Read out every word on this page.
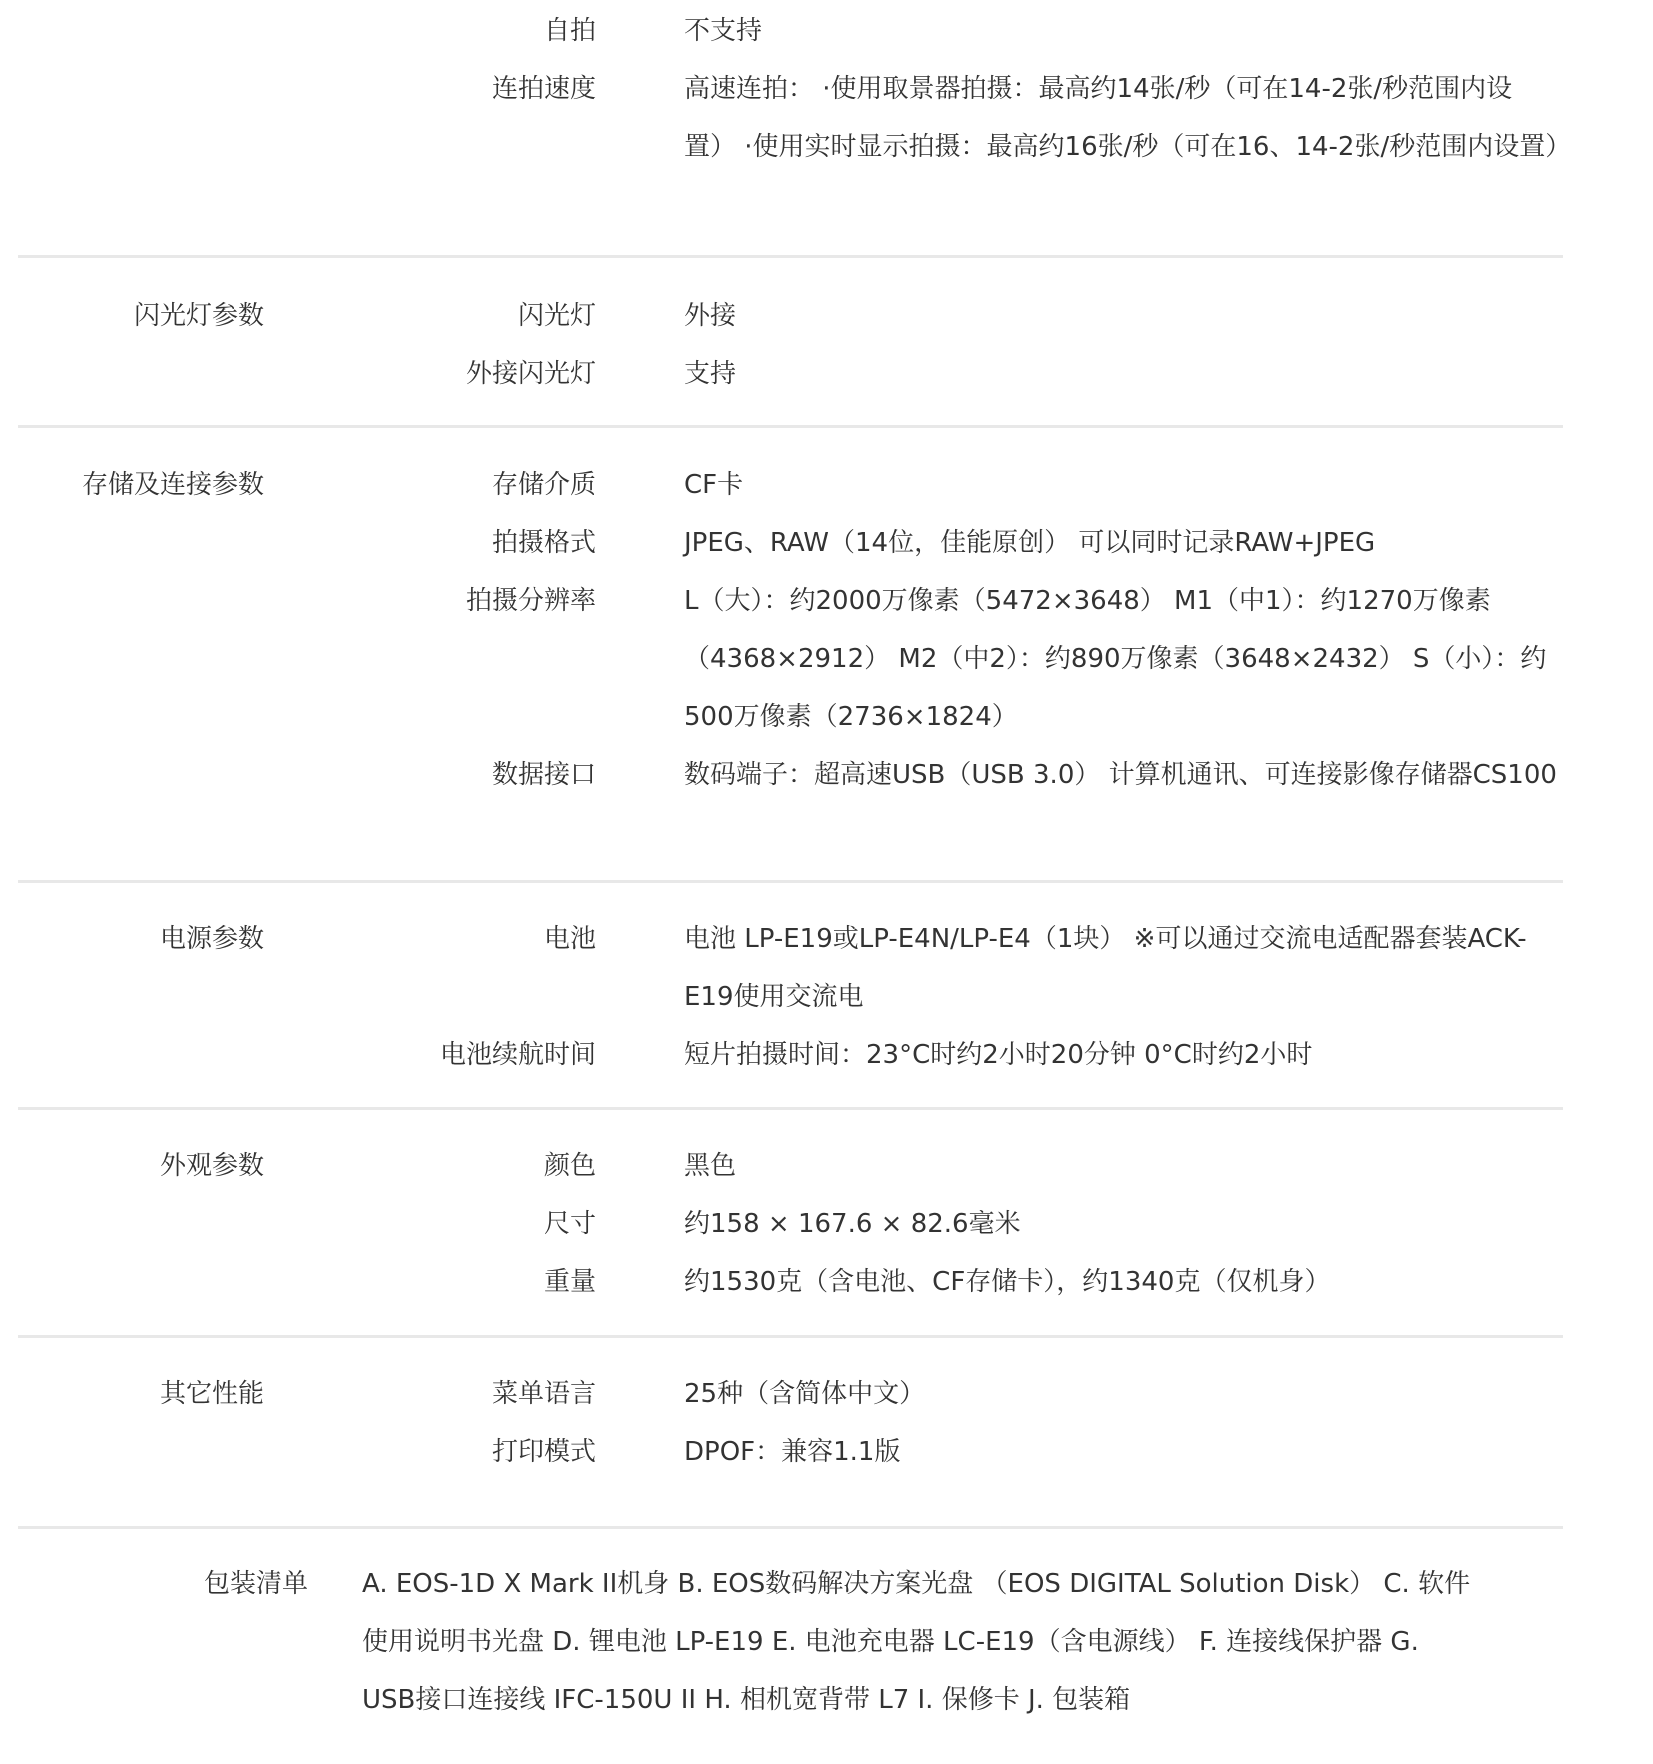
自拍	不支持
连拍速度	高速连拍： ·使用取景器拍摄：最高约14张/秒（可在14-2张/秒范围内设置） ·使用实时显示拍摄：最高约16张/秒（可在16、14-2张/秒范围内设置）
闪光灯参数	闪光灯	外接
外接闪光灯	支持
存储及连接参数	存储介质	CF卡
拍摄格式	JPEG、RAW（14位，佳能原创） 可以同时记录RAW+JPEG
拍摄分辨率	L（大）：约2000万像素（5472×3648） M1（中1）：约1270万像素（4368×2912） M2（中2）：约890万像素（3648×2432） S（小）：约500万像素（2736×1824）
数据接口	数码端子：超高速USB（USB 3.0） 计算机通讯、可连接影像存储器CS100
电源参数	电池	电池 LP-E19或LP-E4N/LP-E4（1块） ※可以通过交流电适配器套装ACK-E19使用交流电
电池续航时间	短片拍摄时间：23°C时约2小时20分钟 0°C时约2小时
外观参数	颜色	黑色
尺寸	约158 × 167.6 × 82.6毫米
重量	约1530克（含电池、CF存储卡），约1340克（仅机身）
其它性能	菜单语言	25种（含简体中文）
打印模式	DPOF：兼容1.1版
包装清单 A. EOS-1D X Mark II机身 B. EOS数码解决方案光盘 （EOS DIGITAL Solution Disk） C. 软件使用说明书光盘 D. 锂电池 LP-E19 E. 电池充电器 LC-E19（含电源线） F. 连接线保护器 G. USB接口连接线 IFC-150U II H. 相机宽背带 L7 I. 保修卡 J. 包装箱
